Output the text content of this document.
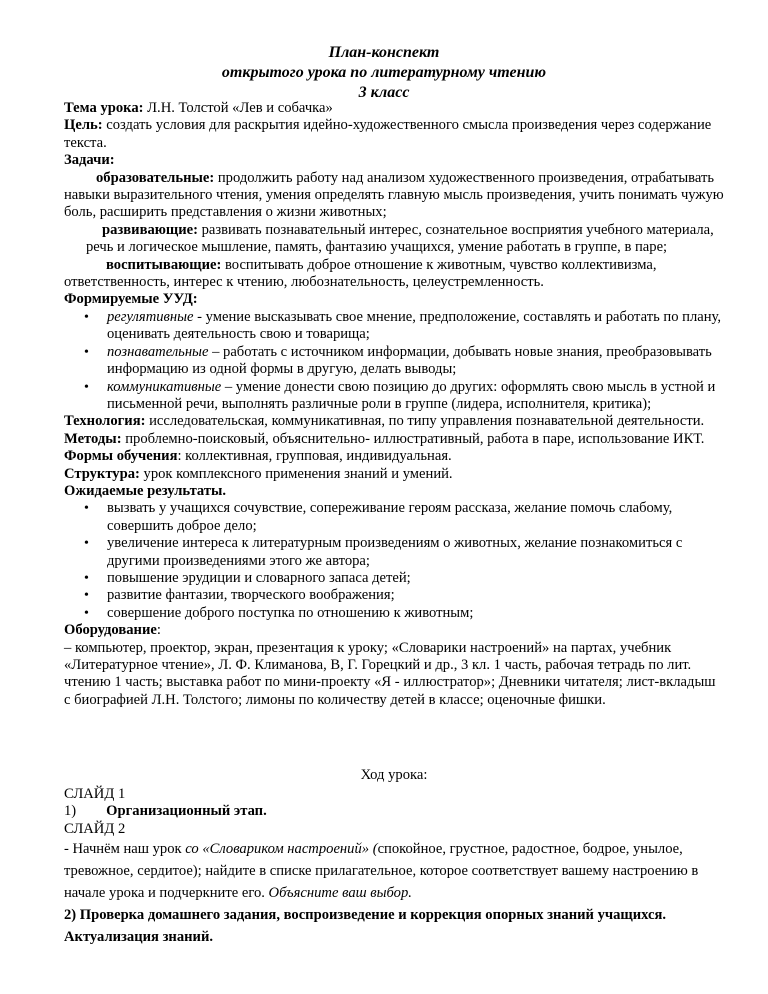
План-конспект
открытого урока по литературному чтению
3 класс
Тема урока: Л.Н. Толстой «Лев и собачка»
Цель: создать условия для раскрытия идейно-художественного смысла произведения через содержание текста.
Задачи:
образовательные: продолжить работу над анализом художественного произведения, отрабатывать навыки выразительного чтения, умения определять главную мысль произведения, учить понимать чужую боль, расширить представления о жизни животных;
развивающие: развивать познавательный интерес, сознательное восприятия учебного материала, речь и логическое мышление, память, фантазию учащихся, умение работать в группе, в паре;
воспитывающие: воспитывать доброе отношение к животным, чувство коллективизма, ответственность, интерес к чтению, любознательность, целеустремленность.
Формируемые УУД:
• регулятивные - умение высказывать свое мнение, предположение, составлять и работать по плану, оценивать деятельность свою и товарища;
• познавательные – работать с источником информации, добывать новые знания, преобразовывать информацию из одной формы в другую, делать выводы;
• коммуникативные – умение донести свою позицию до других: оформлять свою мысль в устной и письменной речи, выполнять различные роли в группе (лидера, исполнителя, критика);
Технология: исследовательская, коммуникативная, по типу управления познавательной деятельности.
Методы: проблемно-поисковый, объяснительно- иллюстративный, работа в паре, использование ИКТ.
Формы обучения: коллективная, групповая, индивидуальная.
Структура: урок комплексного применения знаний и умений.
Ожидаемые результаты.
• вызвать у учащихся сочувствие, сопереживание героям рассказа, желание помочь слабому, совершить доброе дело;
• увеличение интереса к литературным произведениям о животных, желание познакомиться с другими произведениями этого же автора;
• повышение эрудиции и словарного запаса детей;
• развитие фантазии, творческого воображения;
• совершение доброго поступка по отношению к животным;
Оборудование:
– компьютер, проектор, экран, презентация к уроку; «Словарики настроений» на партах, учебник «Литературное чтение», Л. Ф. Климанова, В, Г. Горецкий и др., 3 кл. 1 часть, рабочая тетрадь по лит. чтению 1 часть; выставка работ по мини-проекту «Я - иллюстратор»; Дневники читателя; лист-вкладыш с биографией Л.Н. Толстого; лимоны по количеству детей в классе; оценочные фишки.
Ход урока:
СЛАЙД 1
1) Организационный этап.
СЛАЙД 2
- Начнём наш урок со «Словариком настроений» (спокойное, грустное, радостное, бодрое, унылое, тревожное, сердитое); найдите в списке прилагательное, которое соответствует вашему настроению в начале урока и подчеркните его. Объясните ваш выбор.
2) Проверка домашнего задания, воспроизведение и коррекция опорных знаний учащихся. Актуализация знаний.
